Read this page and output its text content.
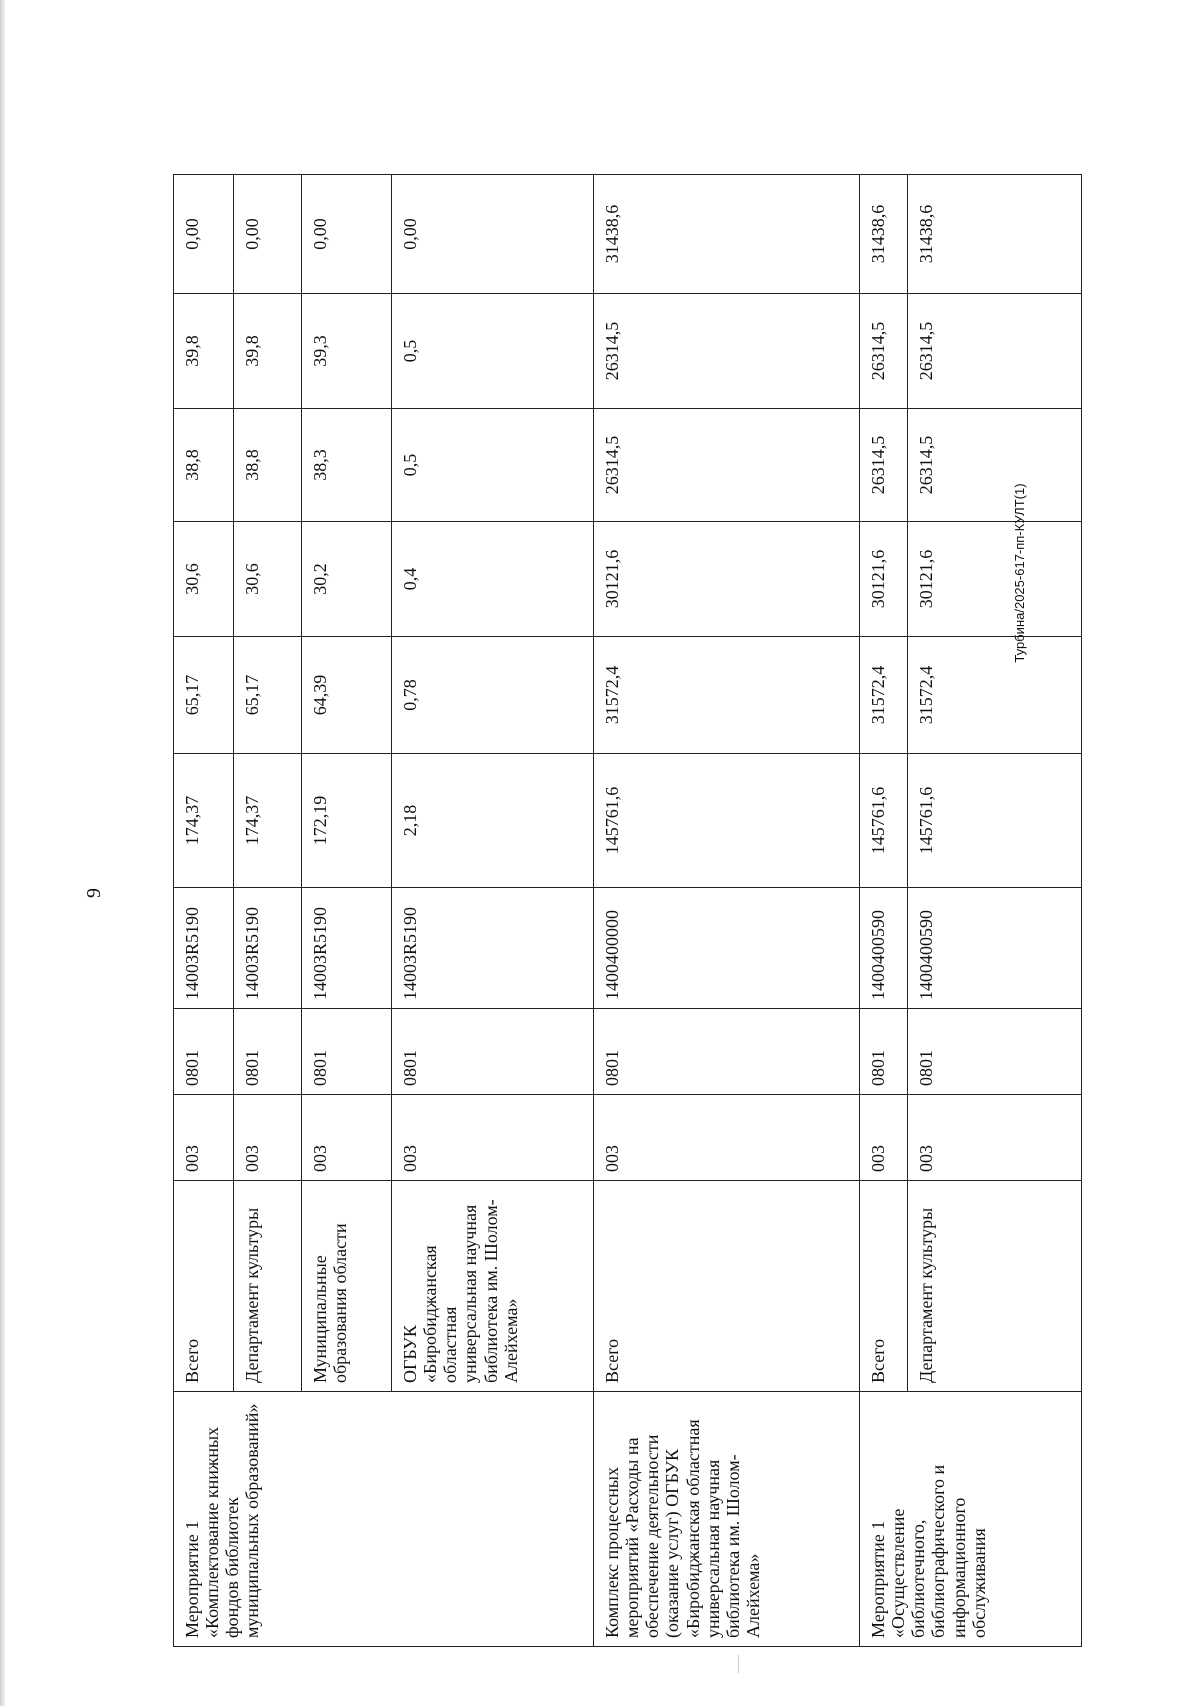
9
Мероприятие 1 «Комплектование книжных фондов библиотек муниципальных образований»	Всего	003	0801	14003R5190	174,37	65,17	30,6	38,8	39,8	0,00
	Департамент культуры	003	0801	14003R5190	174,37	65,17	30,6	38,8	39,8	0,00
	Муниципальные образования области	003	0801	14003R5190	172,19	64,39	30,2	38,3	39,3	0,00
	ОГБУК «Биробиджанская областная универсальная научная библиотека им. Шолом-Алейхема»	003	0801	14003R5190	2,18	0,78	0,4	0,5	0,5	0,00
Комплекс процессных мероприятий «Расходы на обеспечение деятельности (оказание услуг) ОГБУК «Биробиджанская областная универсальная научная библиотека им. Шолом-Алейхема»	Всего	003	0801	1400400000	145761,6	31572,4	30121,6	26314,5	26314,5	31438,6
Мероприятие 1 «Осуществление библиотечного, библиографического и информационного обслуживания	Всего	003	0801	1400400590	145761,6	31572,4	30121,6	26314,5	26314,5	31438,6
	Департамент культуры	003	0801	1400400590	145761,6	31572,4	30121,6	26314,5	26314,5	31438,6
Турбина/2025-617-пп-КУЛТ(1)
